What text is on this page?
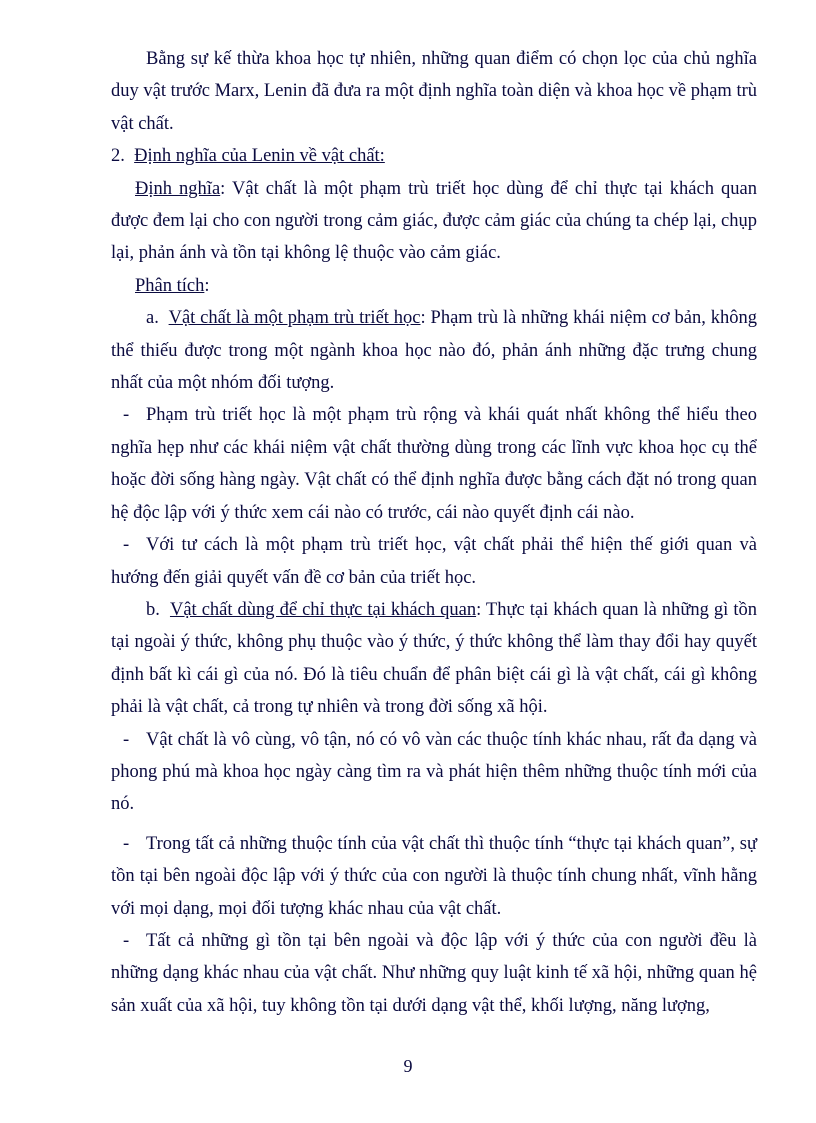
Bằng sự kế thừa khoa học tự nhiên, những quan điểm có chọn lọc của chủ nghĩa duy vật trước Marx, Lenin đã đưa ra một định nghĩa toàn diện và khoa học về phạm trù vật chất.

2. Định nghĩa của Lenin về vật chất:

Định nghĩa: Vật chất là một phạm trù triết học dùng để chỉ thực tại khách quan được đem lại cho con người trong cảm giác, được cảm giác của chúng ta chép lại, chụp lại, phản ánh và tồn tại không lệ thuộc vào cảm giác.

Phân tích:

a. Vật chất là một phạm trù triết học: Phạm trù là những khái niệm cơ bản, không thể thiếu được trong một ngành khoa học nào đó, phản ánh những đặc trưng chung nhất của một nhóm đối tượng.

- Phạm trù triết học là một phạm trù rộng và khái quát nhất không thể hiểu theo nghĩa hẹp như các khái niệm vật chất thường dùng trong các lĩnh vực khoa học cụ thể hoặc đời sống hàng ngày. Vật chất có thể định nghĩa được bằng cách đặt nó trong quan hệ độc lập với ý thức xem cái nào có trước, cái nào quyết định cái nào.

- Với tư cách là một phạm trù triết học, vật chất phải thể hiện thế giới quan và hướng đến giải quyết vấn đề cơ bản của triết học.

b. Vật chất dùng để chỉ thực tại khách quan: Thực tại khách quan là những gì tồn tại ngoài ý thức, không phụ thuộc vào ý thức, ý thức không thể làm thay đổi hay quyết định bất kì cái gì của nó. Đó là tiêu chuẩn để phân biệt cái gì là vật chất, cái gì không phải là vật chất, cả trong tự nhiên và trong đời sống xã hội.

- Vật chất là vô cùng, vô tận, nó có vô vàn các thuộc tính khác nhau, rất đa dạng và phong phú mà khoa học ngày càng tìm ra và phát hiện thêm những thuộc tính mới của nó.

- Trong tất cả những thuộc tính của vật chất thì thuộc tính “thực tại khách quan”, sự tồn tại bên ngoài độc lập với ý thức của con người là thuộc tính chung nhất, vĩnh hằng với mọi dạng, mọi đối tượng khác nhau của vật chất.

- Tất cả những gì tồn tại bên ngoài và độc lập với ý thức của con người đều là những dạng khác nhau của vật chất. Như những quy luật kinh tế xã hội, những quan hệ sản xuất của xã hội, tuy không tồn tại dưới dạng vật thể, khối lượng, năng lượng,

9
